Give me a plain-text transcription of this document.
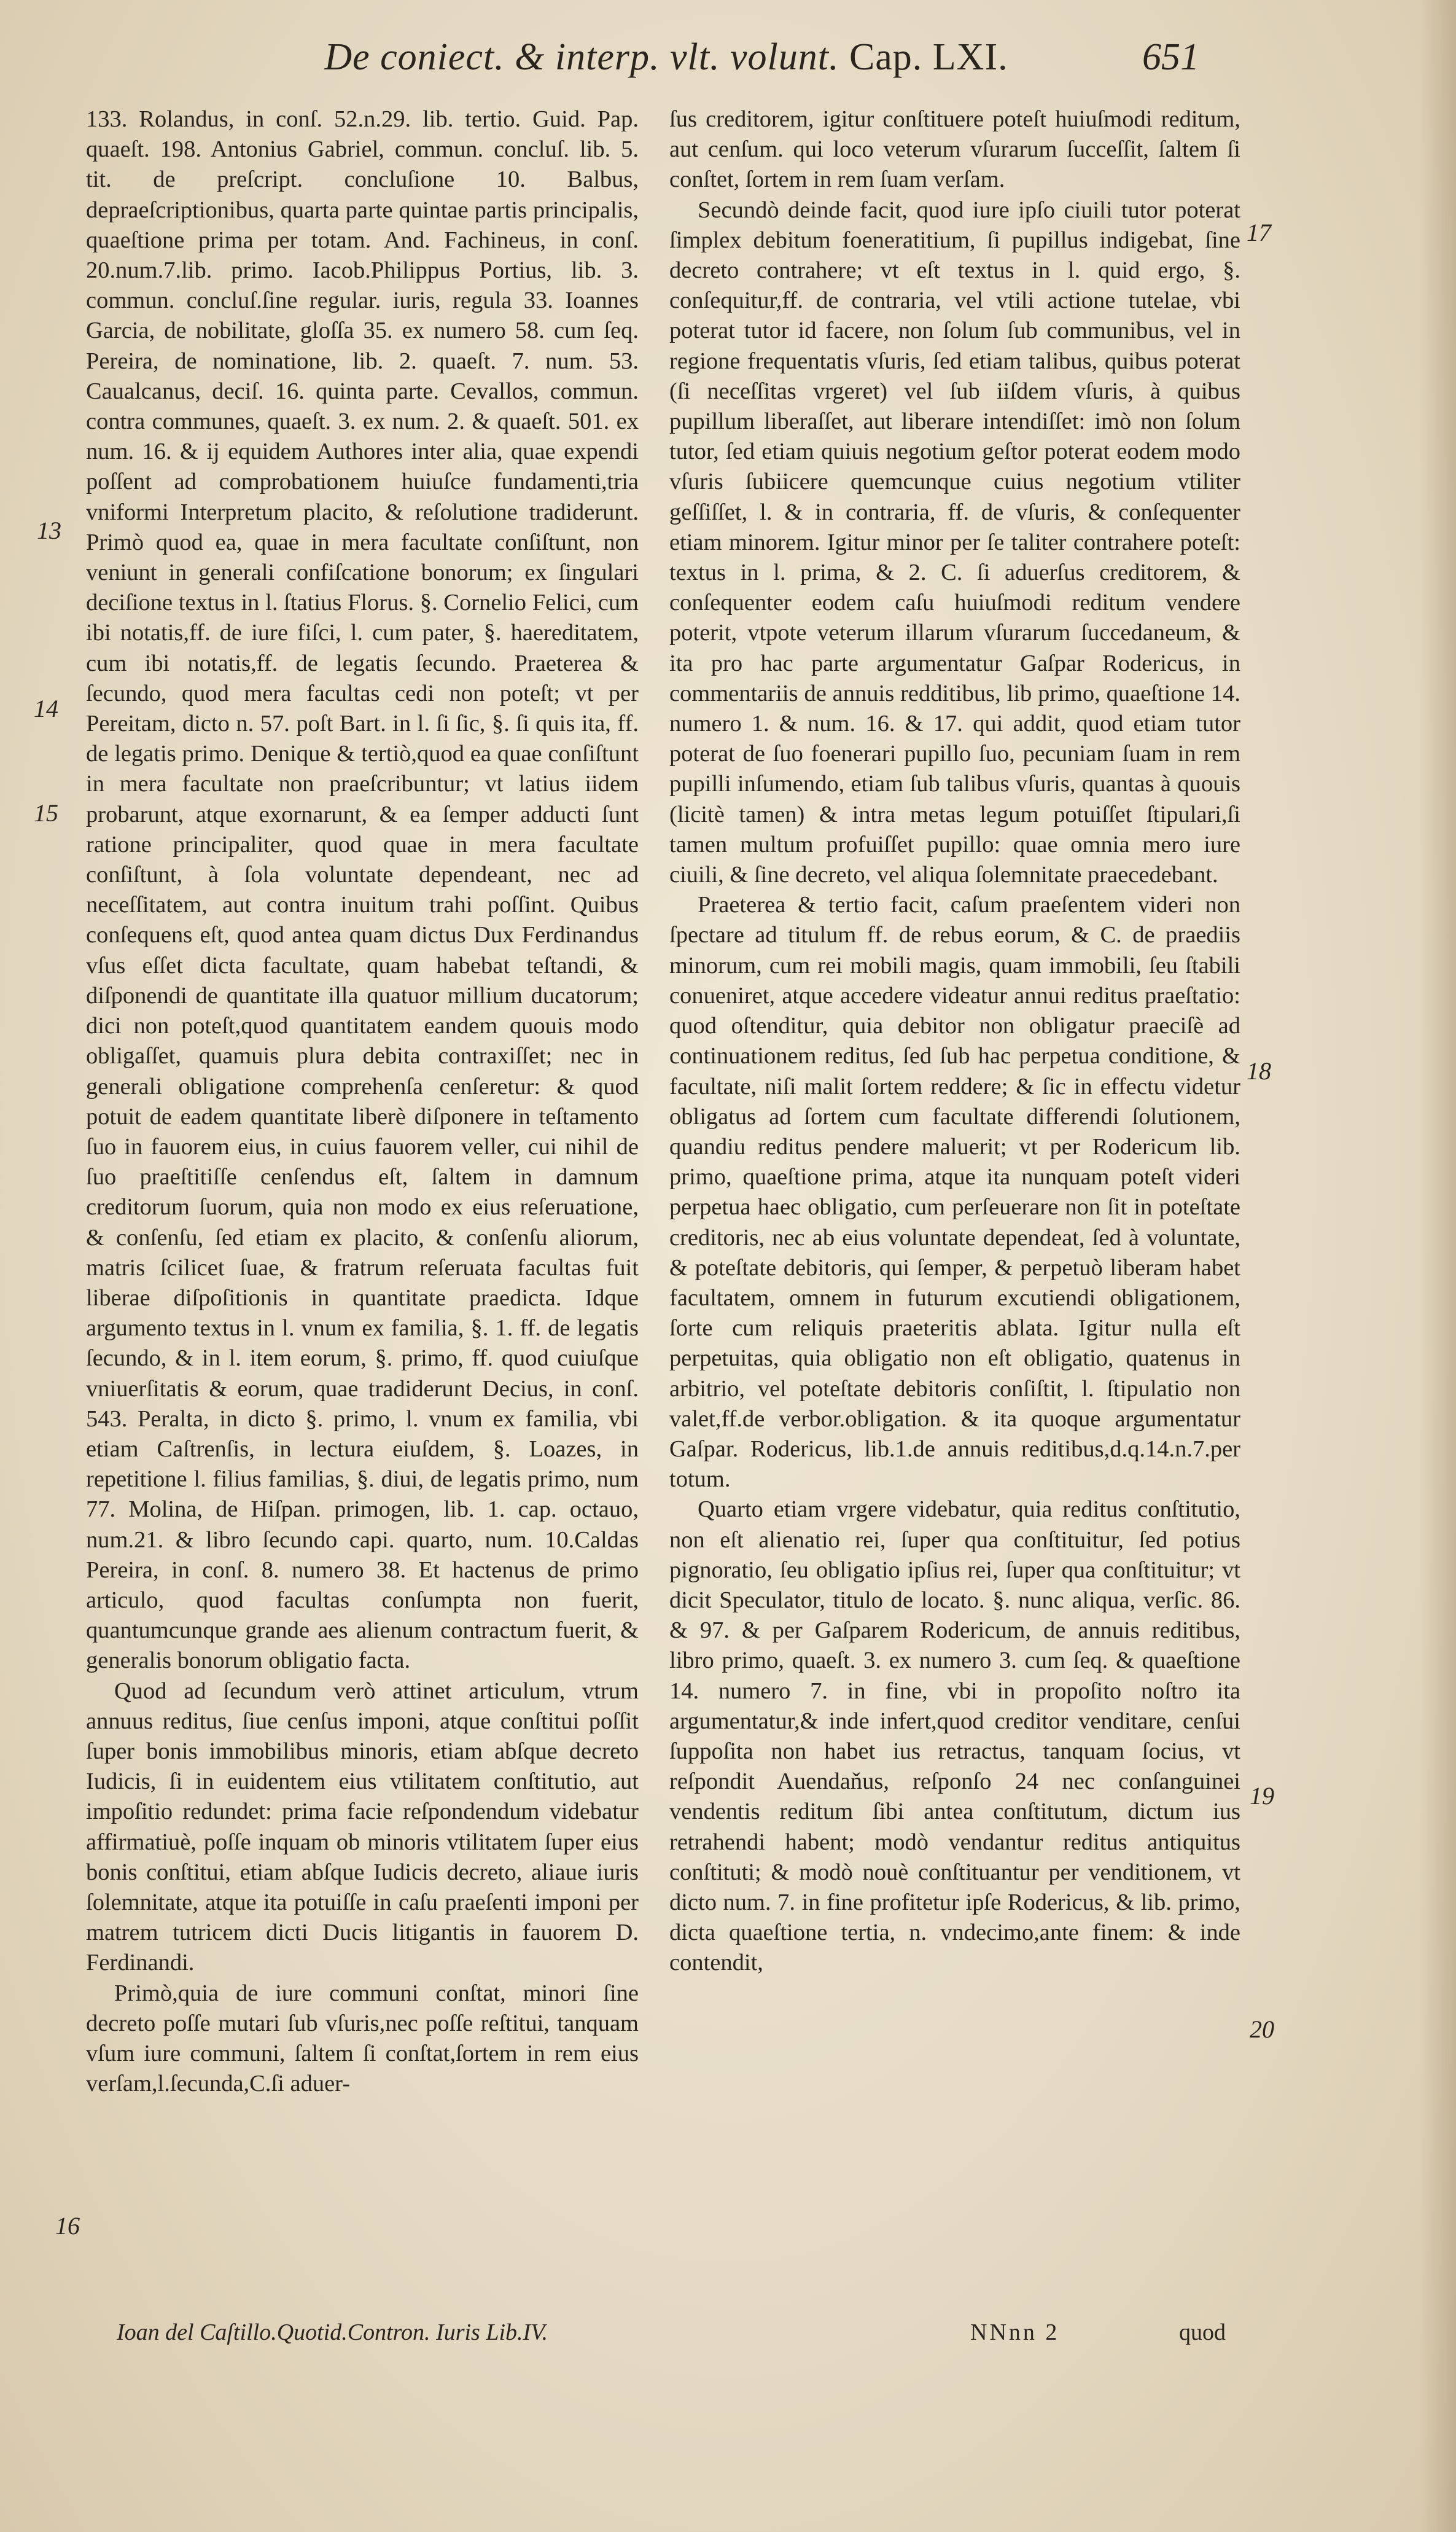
De coniect. & interp. vlt. volunt. Cap. LXI.	651

133. Rolandus, in conſ. 52.n.29. lib. tertio. Guid. Pap. quaeſt. 198. Antonius Gabriel, commun. concluſ. lib. 5. tit. de preſcript. concluſione 10. Balbus, depraeſcriptionibus, quarta parte quintae partis principalis, quaeſtione prima per totam. And. Fachineus, in conſ. 20.num.7.lib. primo. Iacob.Philippus Portius, lib. 3. commun. concluſ.ſine regular. iuris, regula 33. Ioannes Garcia, de nobilitate, gloſſa 35. ex numero 58. cum ſeq. Pereira, de nominatione, lib. 2. quaeſt. 7. num. 53. Caualcanus, deciſ. 16. quinta parte. Cevallos, commun. contra communes, quaeſt. 3. ex num. 2. & quaeſt. 501. ex num. 16. & ij equidem Authores inter alia, quae expendi poſſent ad comprobationem huiuſce fundamenti,tria vniformi Interpretum placito, & reſolutione tradiderunt. Primò quod ea, quae in mera facultate conſiſtunt, non veniunt in generali confiſcatione bonorum; ex ſingulari deciſione textus in l. ſtatius Florus. §. Cornelio Felici, cum ibi notatis,ff. de iure fiſci, l. cum pater, §. haereditatem, cum ibi notatis,ff. de legatis ſecundo. Praeterea & ſecundo, quod mera facultas cedi non poteſt; vt per Pereitam, dicto n. 57. poſt Bart. in l. ſi ſic, §. ſi quis ita, ff. de legatis primo. Denique & tertiò,quod ea quae conſiſtunt in mera facultate non praeſcribuntur; vt latius iidem probarunt, atque exornarunt, & ea ſemper adducti ſunt ratione principaliter, quod quae in mera facultate conſiſtunt, à ſola voluntate dependeant, nec ad neceſſitatem, aut contra inuitum trahi poſſint. Quibus conſequens eſt, quod antea quam dictus Dux Ferdinandus vſus eſſet dicta facultate, quam habebat teſtandi, & diſponendi de quantitate illa quatuor millium ducatorum; dici non poteſt,quod quantitatem eandem quouis modo obligaſſet, quamuis plura debita contraxiſſet; nec in generali obligatione comprehenſa cenſeretur: & quod potuit de eadem quantitate liberè diſponere in teſtamento ſuo in fauorem eius, in cuius fauorem veller, cui nihil de ſuo praeſtitiſſe cenſendus eſt, ſaltem in damnum creditorum ſuorum, quia non modo ex eius reſeruatione, & conſenſu, ſed etiam ex placito, & conſenſu aliorum, matris ſcilicet ſuae, & fratrum reſeruata facultas fuit liberae diſpoſitionis in quantitate praedicta. Idque argumento textus in l. vnum ex familia, §. 1. ff. de legatis ſecundo, & in l. item eorum, §. primo, ff. quod cuiuſque vniuerſitatis & eorum, quae tradiderunt Decius, in conſ. 543. Peralta, in dicto §. primo, l. vnum ex familia, vbi etiam Caſtrenſis, in lectura eiuſdem, §. Loazes, in repetitione l. filius familias, §. diui, de legatis primo, num 77. Molina, de Hiſpan. primogen, lib. 1. cap. octauo, num.21. & libro ſecundo capi. quarto, num. 10.Caldas Pereira, in conſ. 8. numero 38. Et hactenus de primo articulo, quod facultas conſumpta non fuerit, quantumcunque grande aes alienum contractum fuerit, & generalis bonorum obligatio facta.

Quod ad ſecundum verò attinet articulum, vtrum annuus reditus, ſiue cenſus imponi, atque conſtitui poſſit ſuper bonis immobilibus minoris, etiam abſque decreto Iudicis, ſi in euidentem eius vtilitatem conſtitutio, aut impoſitio redundet: prima facie reſpondendum videbatur affirmatiuè, poſſe inquam ob minoris vtilitatem ſuper eius bonis conſtitui, etiam abſque Iudicis decreto, aliaue iuris ſolemnitate, atque ita potuiſſe in caſu praeſenti imponi per matrem tutricem dicti Ducis litigantis in fauorem D. Ferdinandi.

Primò,quia de iure communi conſtat, minori ſine decreto poſſe mutari ſub vſuris,nec poſſe reſtitui, tanquam vſum iure communi, ſaltem ſi conſtat,ſortem in rem eius verſam,l.ſecunda,C.ſi aduer-

ſus creditorem, igitur conſtituere poteſt huiuſmodi reditum, aut cenſum. qui loco veterum vſurarum ſucceſſit, ſaltem ſi conſtet, ſortem in rem ſuam verſam.

Secundò deinde facit, quod iure ipſo ciuili tutor poterat ſimplex debitum foeneratitium, ſi pupillus indigebat, ſine decreto contrahere; vt eſt textus in l. quid ergo, §. conſequitur,ff. de contraria, vel vtili actione tutelae, vbi poterat tutor id facere, non ſolum ſub communibus, vel in regione frequentatis vſuris, ſed etiam talibus, quibus poterat (ſi neceſſitas vrgeret) vel ſub iiſdem vſuris, à quibus pupillum liberaſſet, aut liberare intendiſſet: imò non ſolum tutor, ſed etiam quiuis negotium geſtor poterat eodem modo vſuris ſubiicere quemcunque cuius negotium vtiliter geſſiſſet, l. & in contraria, ff. de vſuris, & conſequenter etiam minorem. Igitur minor per ſe taliter contrahere poteſt: textus in l. prima, & 2. C. ſi aduerſus creditorem, & conſequenter eodem caſu huiuſmodi reditum vendere poterit, vtpote veterum illarum vſurarum ſuccedaneum, & ita pro hac parte argumentatur Gaſpar Rodericus, in commentariis de annuis redditibus, lib primo, quaeſtione 14. numero 1. & num. 16. & 17. qui addit, quod etiam tutor poterat de ſuo foenerari pupillo ſuo, pecuniam ſuam in rem pupilli inſumendo, etiam ſub talibus vſuris, quantas à quouis (licitè tamen) & intra metas legum potuiſſet ſtipulari,ſi tamen multum profuiſſet pupillo: quae omnia mero iure ciuili, & ſine decreto, vel aliqua ſolemnitate praecedebant.

Praeterea & tertio facit, caſum praeſentem videri non ſpectare ad titulum ff. de rebus eorum, & C. de praediis minorum, cum rei mobili magis, quam immobili, ſeu ſtabili conueniret, atque accedere videatur annui reditus praeſtatio: quod oſtenditur, quia debitor non obligatur praeciſè ad continuationem reditus, ſed ſub hac perpetua conditione, & facultate, niſi malit ſortem reddere; & ſic in effectu videtur obligatus ad ſortem cum facultate differendi ſolutionem, quandiu reditus pendere maluerit; vt per Rodericum lib. primo, quaeſtione prima, atque ita nunquam poteſt videri perpetua haec obligatio, cum perſeuerare non ſit in poteſtate creditoris, nec ab eius voluntate dependeat, ſed à voluntate, & poteſtate debitoris, qui ſemper, & perpetuò liberam habet facultatem, omnem in futurum excutiendi obligationem, ſorte cum reliquis praeteritis ablata. Igitur nulla eſt perpetuitas, quia obligatio non eſt obligatio, quatenus in arbitrio, vel poteſtate debitoris conſiſtit, l. ſtipulatio non valet,ff.de verbor.obligation. & ita quoque argumentatur Gaſpar. Rodericus, lib.1.de annuis reditibus,d.q.14.n.7.per totum.

Quarto etiam vrgere videbatur, quia reditus conſtitutio, non eſt alienatio rei, ſuper qua conſtituitur, ſed potius pignoratio, ſeu obligatio ipſius rei, ſuper qua conſtituitur; vt dicit Speculator, titulo de locato. §. nunc aliqua, verſic. 86. & 97. & per Gaſparem Rodericum, de annuis reditibus, libro primo, quaeſt. 3. ex numero 3. cum ſeq. & quaeſtione 14. numero 7. in fine, vbi in propoſito noſtro ita argumentatur,& inde infert,quod creditor venditare, cenſui ſuppoſita non habet ius retractus, tanquam ſocius, vt reſpondit Auendaňus, reſponſo 24 nec conſanguinei vendentis reditum ſibi antea conſtitutum, dictum ius retrahendi habent; modò vendantur reditus antiquitus conſtituti; & modò nouè conſtituantur per venditionem, vt dicto num. 7. in fine profitetur ipſe Rodericus, & lib. primo, dicta quaeſtione tertia, n. vndecimo,ante finem: & inde contendit,

13
14
15
16
17
18
19
20
Ioan del Caſtillo.Quotid.Contron. Iuris Lib.IV.	NNnn 2	quod
